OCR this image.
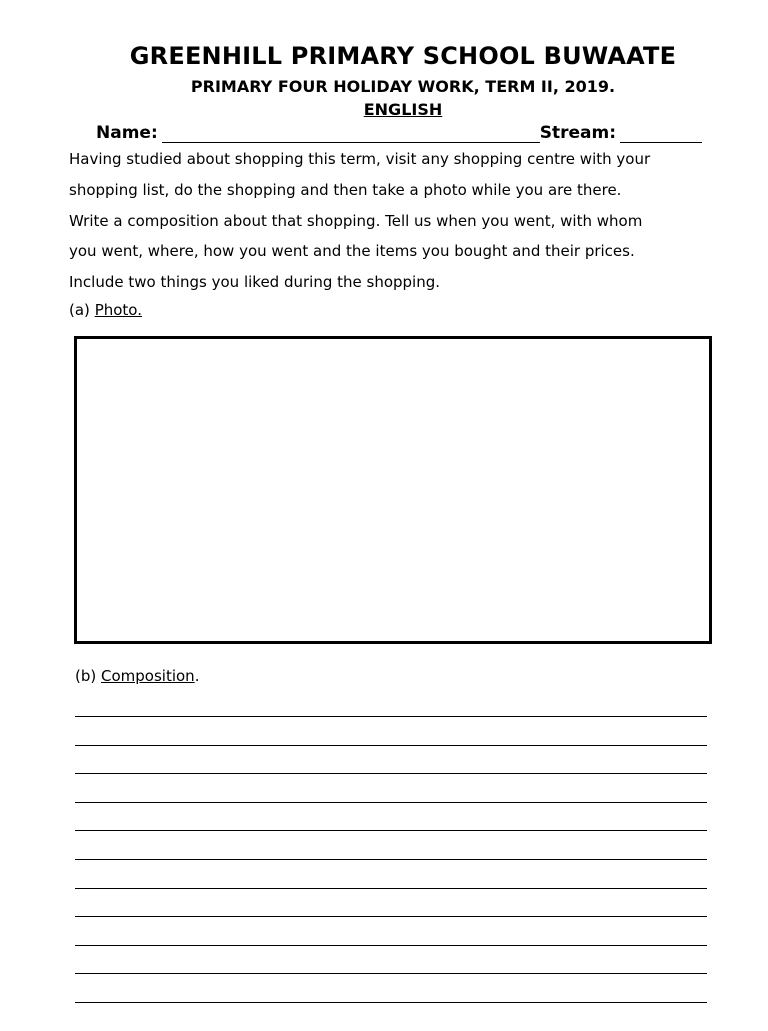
GREENHILL PRIMARY SCHOOL BUWAATE
PRIMARY FOUR HOLIDAY WORK, TERM II, 2019.
ENGLISH
Name:	Stream:

Having studied about shopping this term, visit any shopping centre with your

shopping list, do the shopping and then take a photo while you are there.

Write a composition about that shopping. Tell us when you went, with whom

you went, where, how you went and the items you bought and their prices.

Include two things you liked during the shopping.

(a) Photo.
(b) Composition.
